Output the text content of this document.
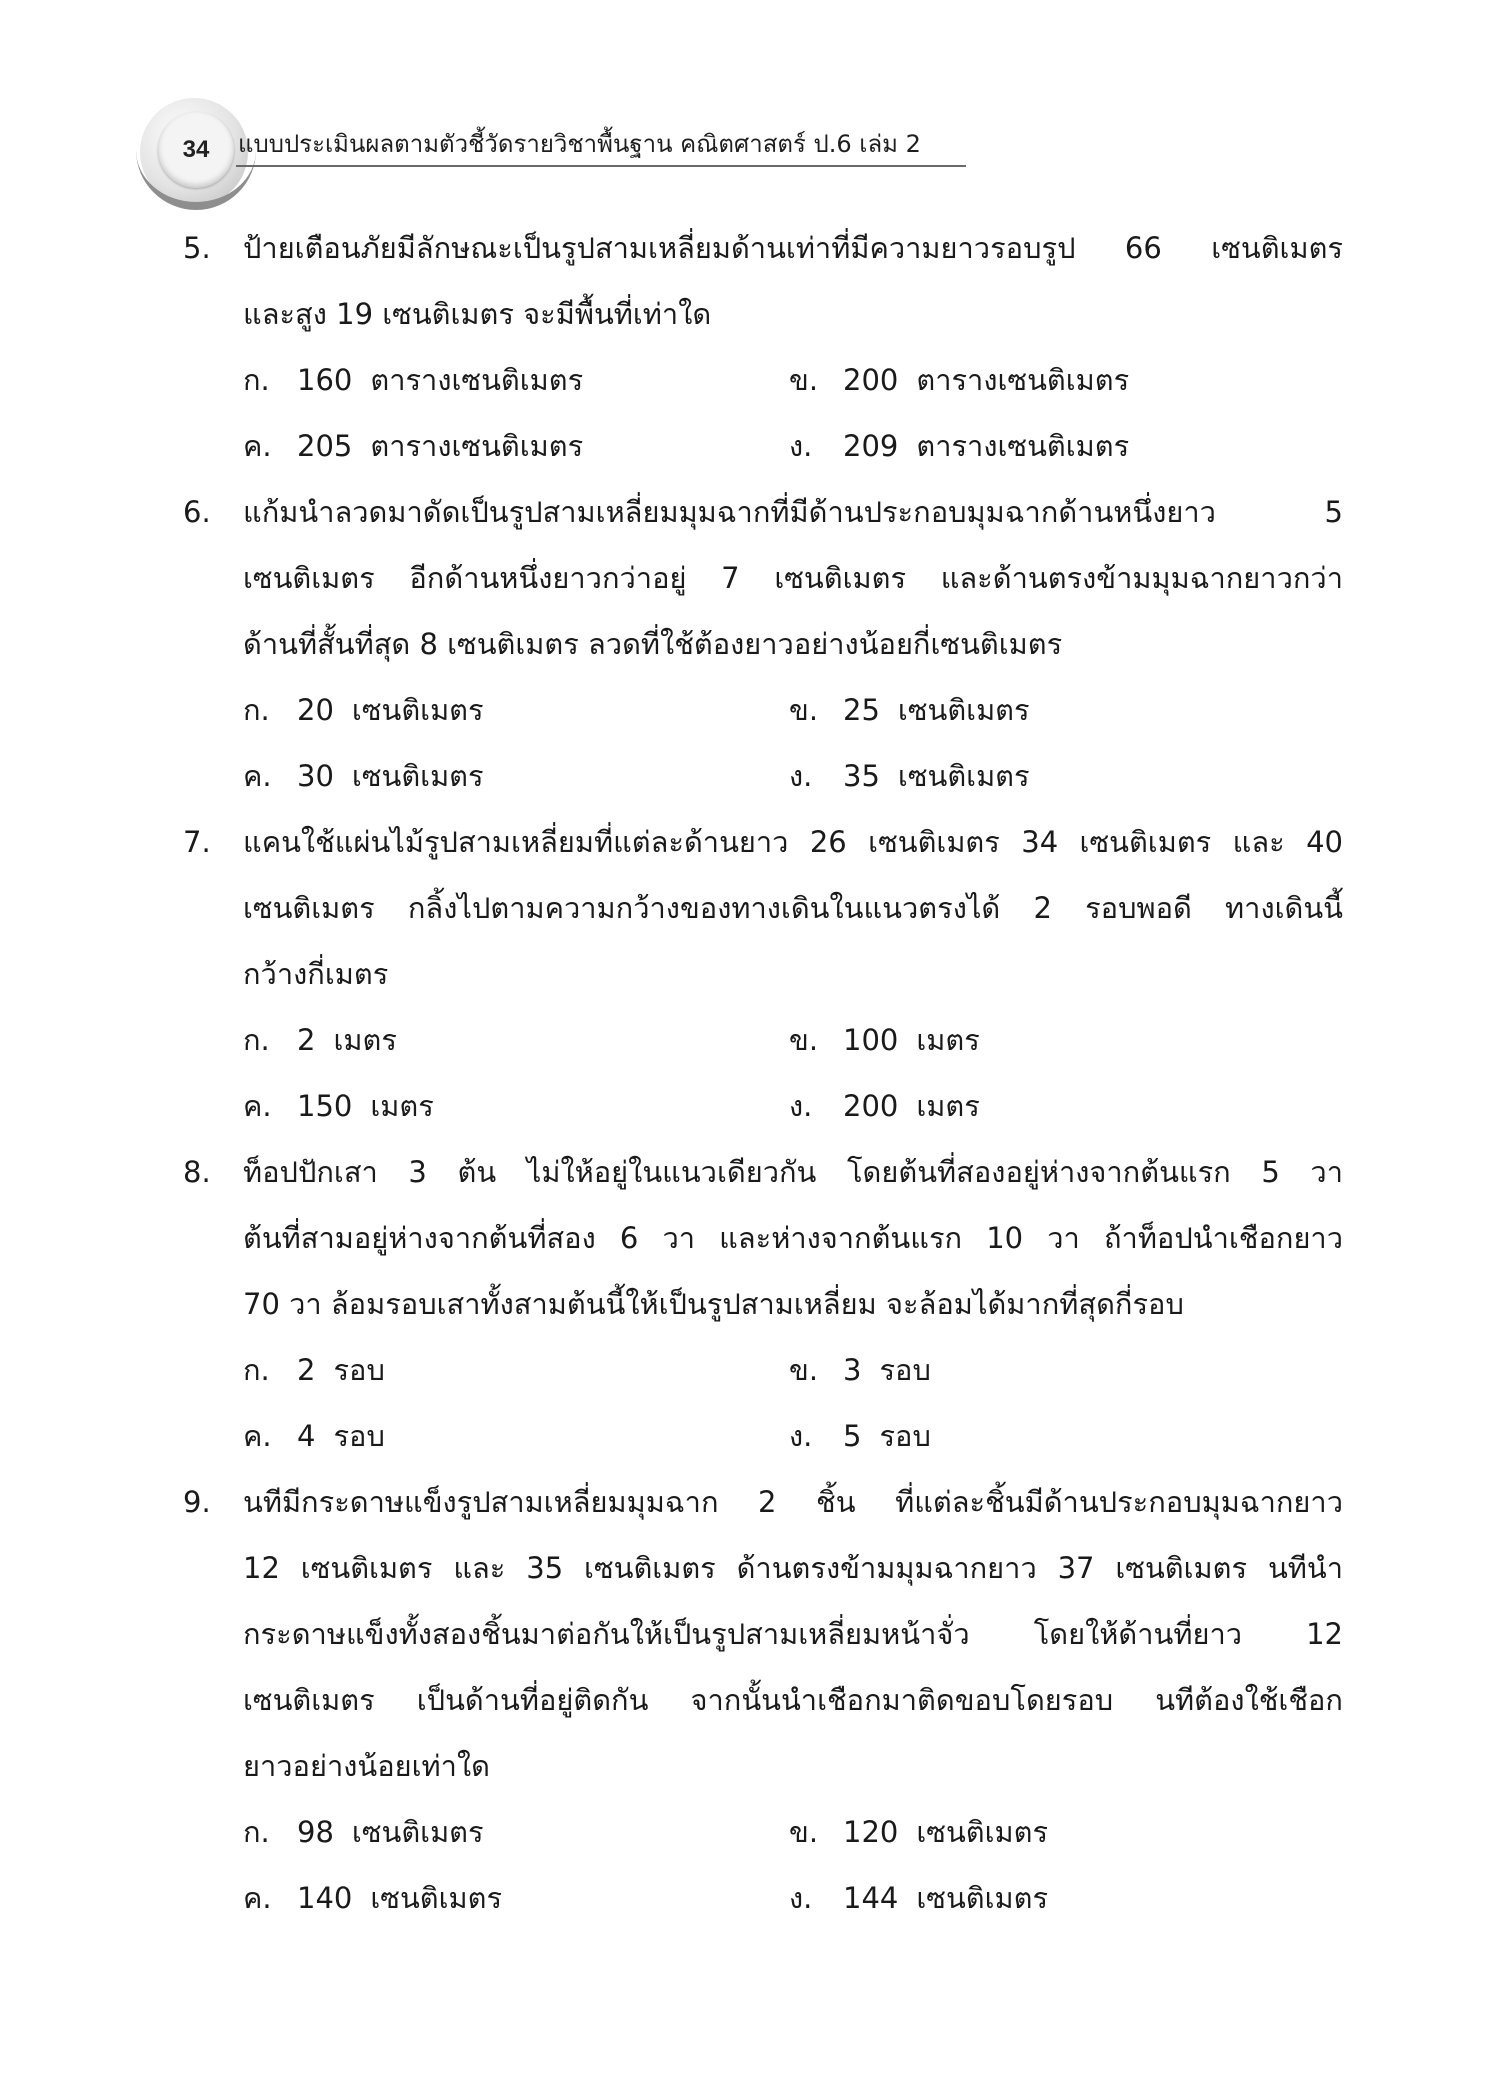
34	แบบประเมินผลตามตัวชี้วัดรายวิชาพื้นฐาน คณิตศาสตร์ ป.6 เล่ม 2
5. ป้ายเตือนภัยมีลักษณะเป็นรูปสามเหลี่ยมด้านเท่าที่มีความยาวรอบรูป 66 เซนติเมตร
และสูง 19 เซนติเมตร จะมีพื้นที่เท่าใด
ก. 160 ตารางเซนติเมตร	ข. 200 ตารางเซนติเมตร
ค. 205 ตารางเซนติเมตร	ง. 209 ตารางเซนติเมตร
6. แก้มนำลวดมาดัดเป็นรูปสามเหลี่ยมมุมฉากที่มีด้านประกอบมุมฉากด้านหนึ่งยาว 5
เซนติเมตร อีกด้านหนึ่งยาวกว่าอยู่ 7 เซนติเมตร และด้านตรงข้ามมุมฉากยาวกว่า
ด้านที่สั้นที่สุด 8 เซนติเมตร ลวดที่ใช้ต้องยาวอย่างน้อยกี่เซนติเมตร
ก. 20 เซนติเมตร	ข. 25 เซนติเมตร
ค. 30 เซนติเมตร	ง. 35 เซนติเมตร
7. แคนใช้แผ่นไม้รูปสามเหลี่ยมที่แต่ละด้านยาว 26 เซนติเมตร 34 เซนติเมตร และ 40
เซนติเมตร กลิ้งไปตามความกว้างของทางเดินในแนวตรงได้ 2 รอบพอดี ทางเดินนี้
กว้างกี่เมตร
ก. 2 เมตร	ข. 100 เมตร
ค. 150 เมตร	ง. 200 เมตร
8. ท็อปปักเสา 3 ต้น ไม่ให้อยู่ในแนวเดียวกัน โดยต้นที่สองอยู่ห่างจากต้นแรก 5 วา
ต้นที่สามอยู่ห่างจากต้นที่สอง 6 วา และห่างจากต้นแรก 10 วา ถ้าท็อปนำเชือกยาว
70 วา ล้อมรอบเสาทั้งสามต้นนี้ให้เป็นรูปสามเหลี่ยม จะล้อมได้มากที่สุดกี่รอบ
ก. 2 รอบ	ข. 3 รอบ
ค. 4 รอบ	ง. 5 รอบ
9. นทีมีกระดาษแข็งรูปสามเหลี่ยมมุมฉาก 2 ชิ้น ที่แต่ละชิ้นมีด้านประกอบมุมฉากยาว
12 เซนติเมตร และ 35 เซนติเมตร ด้านตรงข้ามมุมฉากยาว 37 เซนติเมตร นทีนำ
กระดาษแข็งทั้งสองชิ้นมาต่อกันให้เป็นรูปสามเหลี่ยมหน้าจั่ว โดยให้ด้านที่ยาว 12
เซนติเมตร เป็นด้านที่อยู่ติดกัน จากนั้นนำเชือกมาติดขอบโดยรอบ นทีต้องใช้เชือก
ยาวอย่างน้อยเท่าใด
ก. 98 เซนติเมตร	ข. 120 เซนติเมตร
ค. 140 เซนติเมตร	ง. 144 เซนติเมตร
